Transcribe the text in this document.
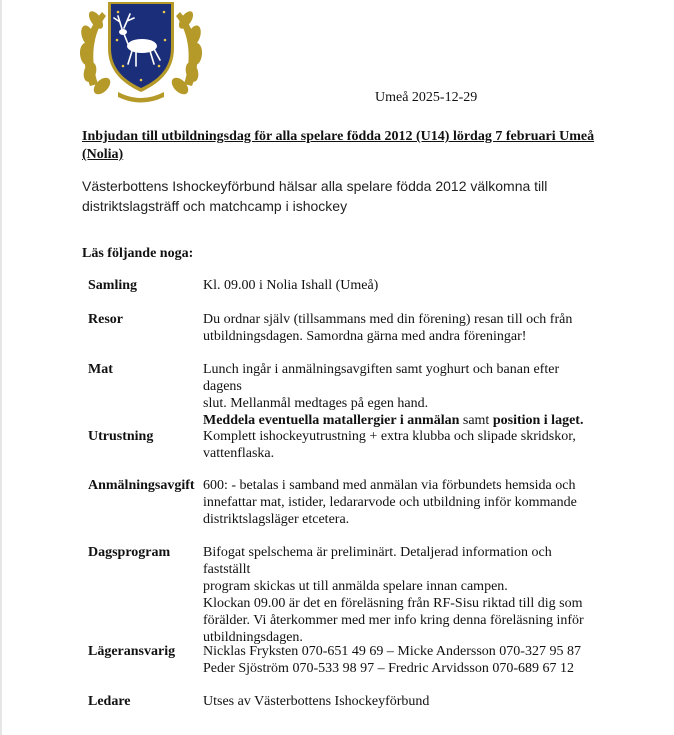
Umeå 2025-12-29
Inbjudan till utbildningsdag för alla spelare födda 2012 (U14) lördag 7 februari Umeå (Nolia)
Västerbottens Ishockeyförbund hälsar alla spelare födda 2012 välkomna till distriktslagsträff och matchcamp i ishockey
Läs följande noga:
Samling	Kl. 09.00 i Nolia Ishall (Umeå)
Resor	Du ordnar själv (tillsammans med din förening) resan till och från
utbildningsdagen. Samordna gärna med andra föreningar!
Mat	Lunch ingår i anmälningsavgiften samt yoghurt och banan efter dagens
slut. Mellanmål medtages på egen hand.
Meddela eventuella matallergier i anmälan samt position i laget.
Utrustning	Komplett ishockeyutrustning + extra klubba och slipade skridskor,
vattenflaska.
Anmälningsavgift 600: - betalas i samband med anmälan via förbundets hemsida och
innefattar mat, istider, ledararvode och utbildning inför kommande
distriktslagsläger etcetera.
Dagsprogram Bifogat spelschema är preliminärt. Detaljerad information och fastställt
program skickas ut till anmälda spelare innan campen.
Klockan 09.00 är det en föreläsning från RF-Sisu riktad till dig som
förälder. Vi återkommer med mer info kring denna föreläsning inför
utbildningsdagen.
Lägeransvarig Nicklas Fryksten 070-651 49 69 – Micke Andersson 070-327 95 87
Peder Sjöström 070-533 98 97 – Fredric Arvidsson 070-689 67 12
Ledare	Utses av Västerbottens Ishockeyförbund
